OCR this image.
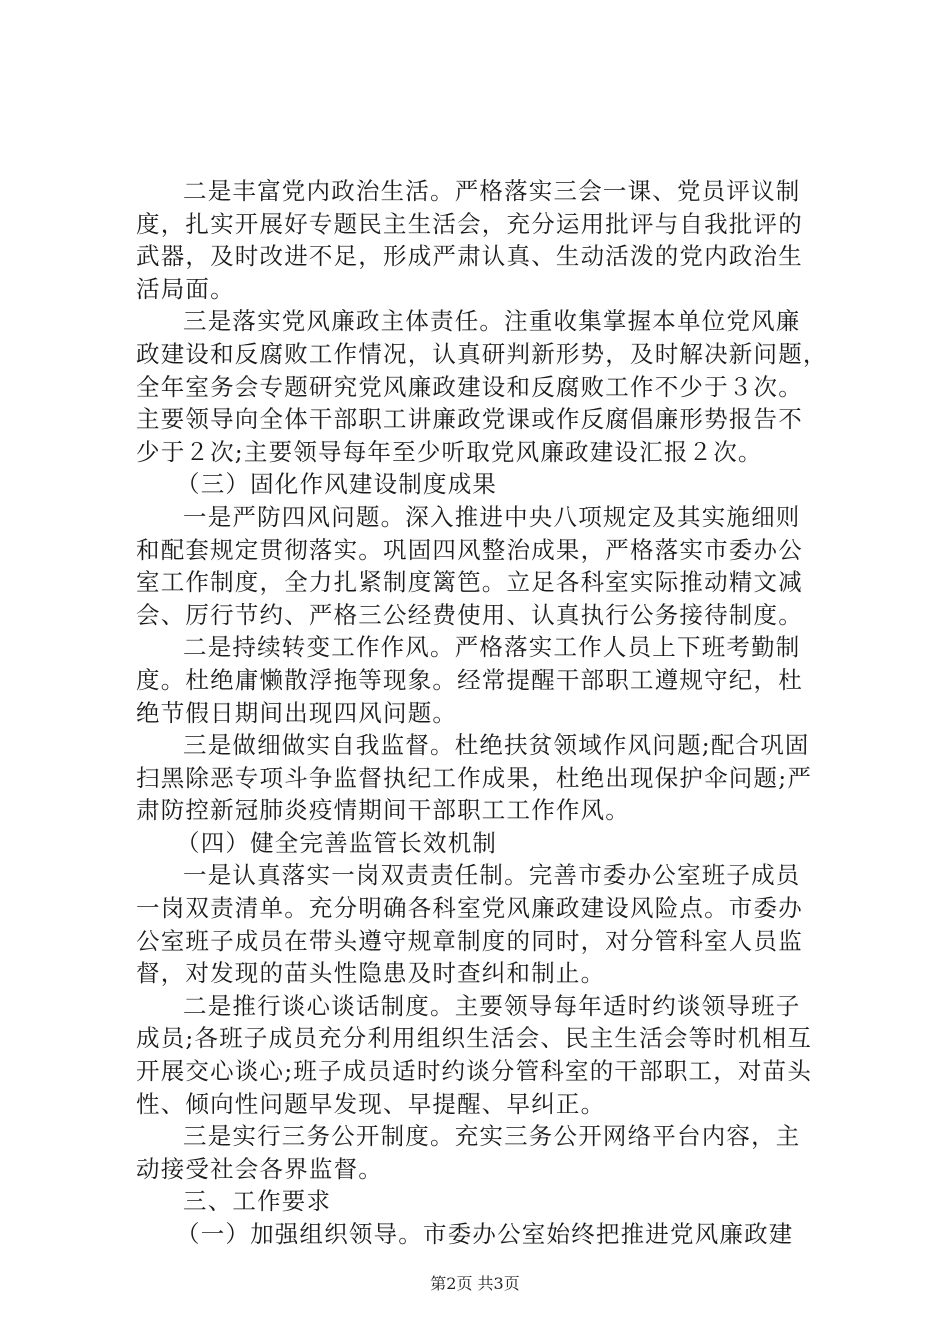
二是丰富党内政治生活。严格落实三会一课、党员评议制
度，扎实开展好专题民主生活会，充分运用批评与自我批评的
武器，及时改进不足，形成严肃认真、生动活泼的党内政治生
活局面。
三是落实党风廉政主体责任。注重收集掌握本单位党风廉
政建设和反腐败工作情况，认真研判新形势，及时解决新问题，
全年室务会专题研究党风廉政建设和反腐败工作不少于３次。
主要领导向全体干部职工讲廉政党课或作反腐倡廉形势报告不
少于２次;主要领导每年至少听取党风廉政建设汇报２次。
（三）固化作风建设制度成果
一是严防四风问题。深入推进中央八项规定及其实施细则
和配套规定贯彻落实。巩固四风整治成果，严格落实市委办公
室工作制度，全力扎紧制度篱笆。立足各科室实际推动精文减
会、厉行节约、严格三公经费使用、认真执行公务接待制度。
二是持续转变工作作风。严格落实工作人员上下班考勤制
度。杜绝庸懒散浮拖等现象。经常提醒干部职工遵规守纪，杜
绝节假日期间出现四风问题。
三是做细做实自我监督。杜绝扶贫领域作风问题;配合巩固
扫黑除恶专项斗争监督执纪工作成果，杜绝出现保护伞问题;严
肃防控新冠肺炎疫情期间干部职工工作作风。
（四）健全完善监管长效机制
一是认真落实一岗双责责任制。完善市委办公室班子成员
一岗双责清单。充分明确各科室党风廉政建设风险点。市委办
公室班子成员在带头遵守规章制度的同时，对分管科室人员监
督，对发现的苗头性隐患及时查纠和制止。
二是推行谈心谈话制度。主要领导每年适时约谈领导班子
成员;各班子成员充分利用组织生活会、民主生活会等时机相互
开展交心谈心;班子成员适时约谈分管科室的干部职工，对苗头
性、倾向性问题早发现、早提醒、早纠正。
三是实行三务公开制度。充实三务公开网络平台内容，主
动接受社会各界监督。
三、工作要求
（一）加强组织领导。市委办公室始终把推进党风廉政建
第2页 共3页
